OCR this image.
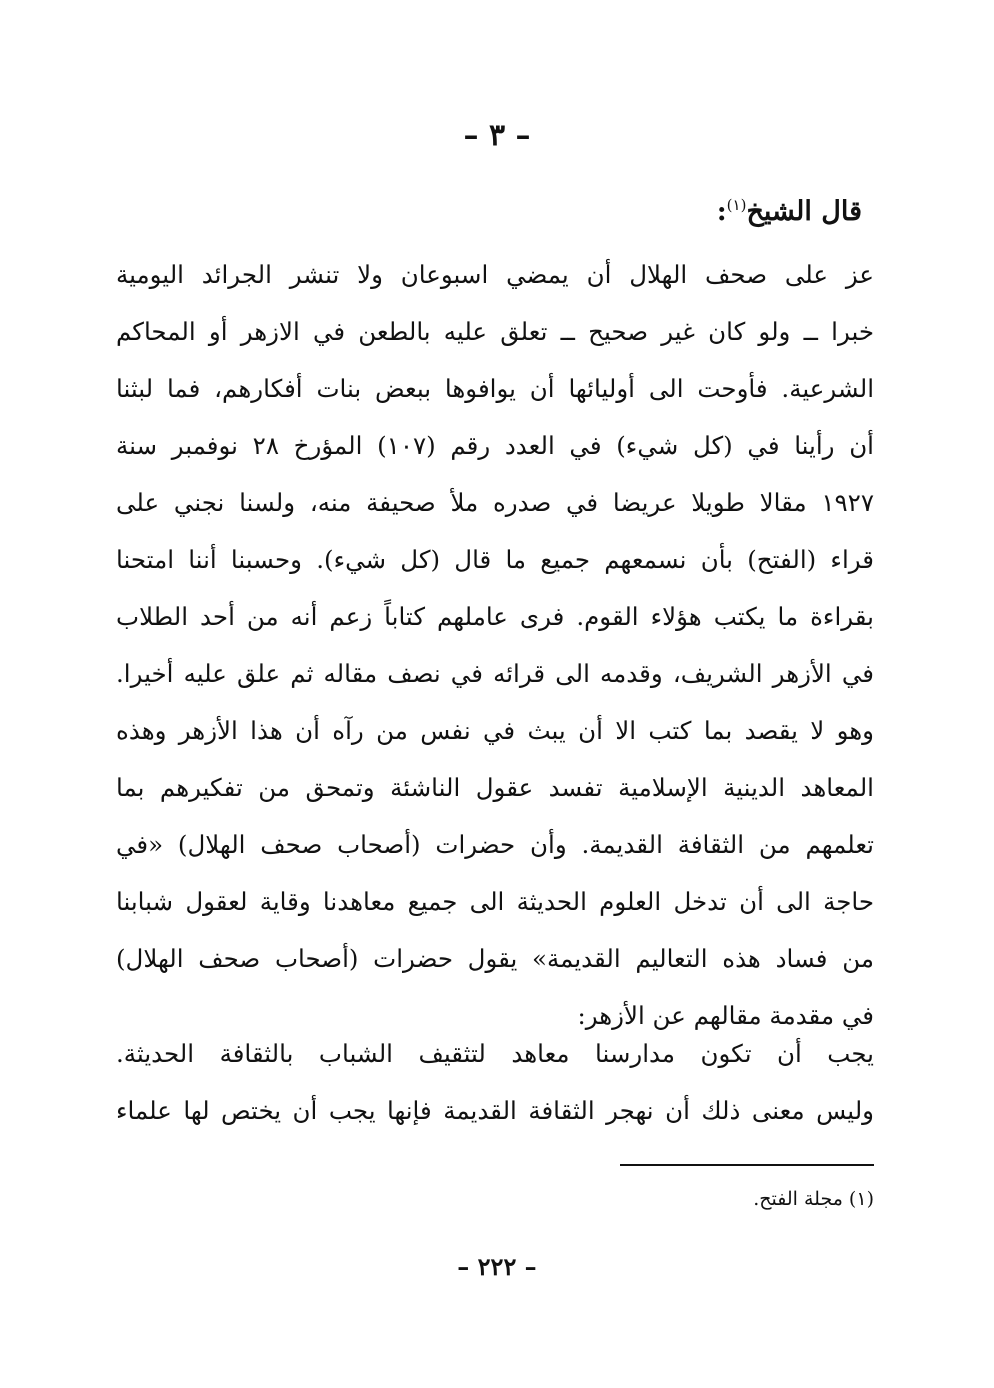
– ٣ –
قال الشيخ$^{(١)}$:
عز على صحف الهلال أن يمضي اسبوعان ولا تنشر الجرائد اليومية
خبرا ــ ولو كان غير صحيح ــ تعلق عليه بالطعن في الازهر أو المحاكم
الشرعية. فأوحت الى أوليائها أن يوافوها ببعض بنات أفكارهم، فما لبثنا
أن رأينا في (كل شيء) في العدد رقم (١٠٧) المؤرخ ٢٨ نوفمبر سنة
١٩٢٧ مقالا طويلا عريضا في صدره ملأ صحيفة منه، ولسنا نجني على
قراء (الفتح) بأن نسمعهم جميع ما قال (كل شيء). وحسبنا أننا امتحنا
بقراءة ما يكتب هؤلاء القوم. فرى عاملهم كتاباً زعم أنه من أحد الطلاب
في الأزهر الشريف، وقدمه الى قرائه في نصف مقاله ثم علق عليه أخيرا.
وهو لا يقصد بما كتب الا أن يبث في نفس من رآه أن هذا الأزهر وهذه
المعاهد الدينية الإسلامية تفسد عقول الناشئة وتمحق من تفكيرهم بما
تعلمهم من الثقافة القديمة. وأن حضرات (أصحاب صحف الهلال) «في
حاجة الى أن تدخل العلوم الحديثة الى جميع معاهدنا وقاية لعقول شبابنا
من فساد هذه التعاليم القديمة» يقول حضرات (أصحاب صحف الهلال)
في مقدمة مقالهم عن الأزهر:
يجب أن تكون مدارسنا معاهد لتثقيف الشباب بالثقافة الحديثة.
وليس معنى ذلك أن نهجر الثقافة القديمة فإنها يجب أن يختص لها علماء
(١) مجلة الفتح.
– ٢٢٢ –
